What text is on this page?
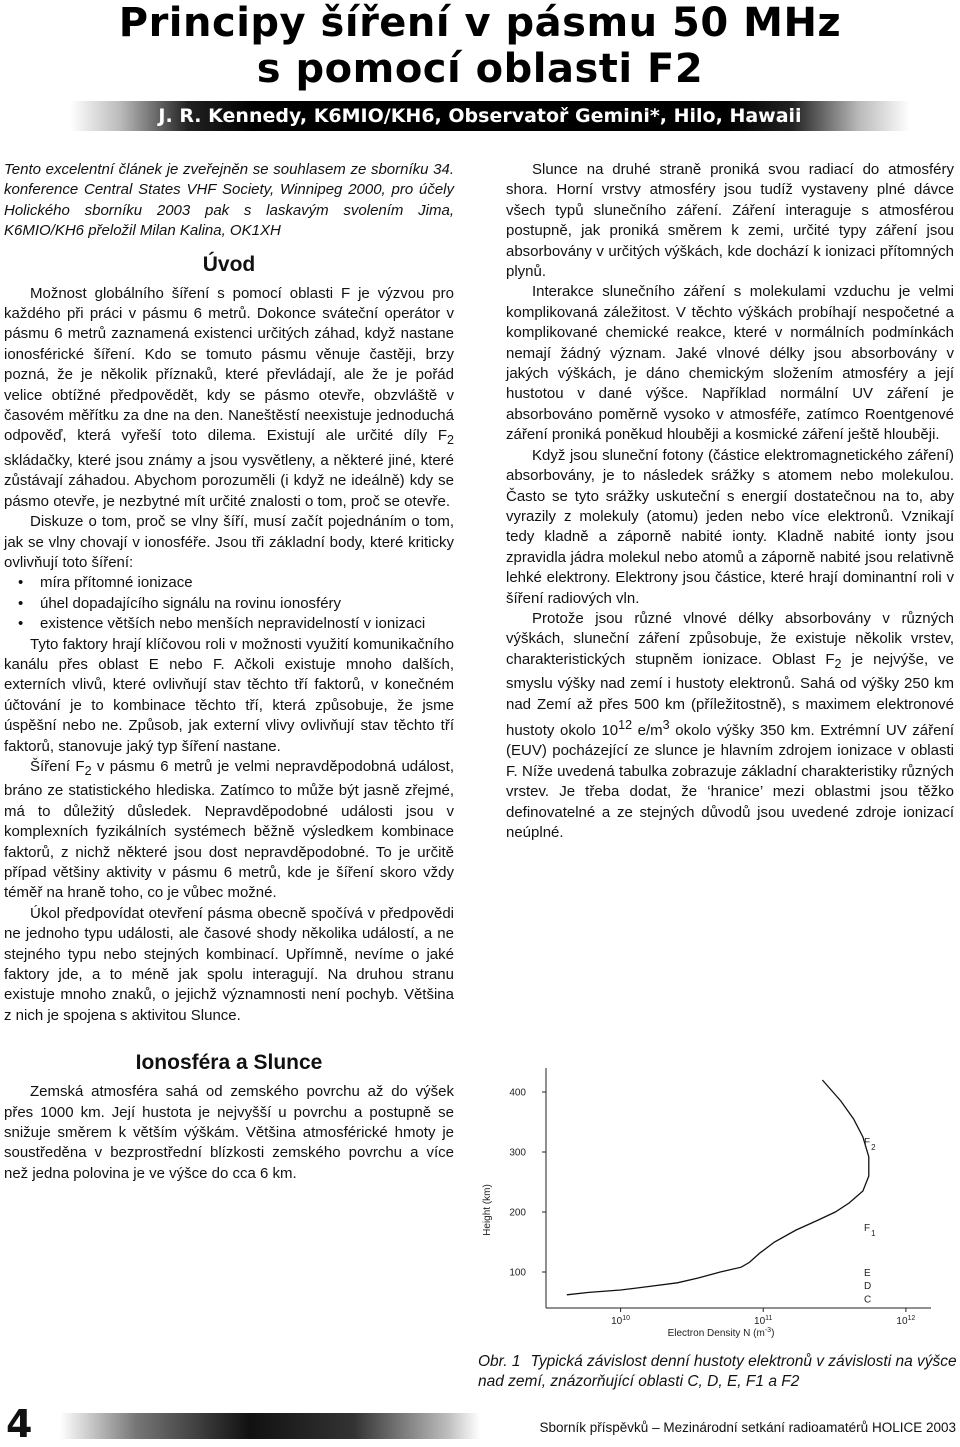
Principy šíření v pásmu 50 MHz
s pomocí oblasti F2
J. R. Kennedy, K6MIO/KH6, Observatoř Gemini*, Hilo, Hawaii

Tento excelentní článek je zveřejněn se souhlasem ze sborníku 34. konference Central States VHF Society, Winnipeg 2000, pro účely Holického sborníku 2003 pak s laskavým svolením Jima, K6MIO/KH6 přeložil Milan Kalina, OK1XH

Úvod

Možnost globálního šíření s pomocí oblasti F je výzvou pro každého při práci v pásmu 6 metrů. Dokonce sváteční operátor v pásmu 6 metrů zaznamená existenci určitých záhad, když nastane ionosférické šíření. Kdo se tomuto pásmu věnuje častěji, brzy pozná, že je několik příznaků, které převládají, ale že je pořád velice obtížné předpovědět, kdy se pásmo otevře, obzvláště v časovém měřítku za dne na den. Naneštěstí neexistuje jednoduchá odpověď, která vyřeší toto dilema. Existují ale určité díly $F_2$ skládačky, které jsou známy a jsou vysvětleny, a některé jiné, které zůstávají záhadou. Abychom porozuměli (i když ne ideálně) kdy se pásmo otevře, je nezbytné mít určité znalosti o tom, proč se otevře.

Diskuze o tom, proč se vlny šíří, musí začít pojednáním o tom, jak se vlny chovají v ionosféře. Jsou tři základní body, které kriticky ovlivňují toto šíření:

• míra přítomné ionizace
• úhel dopadajícího signálu na rovinu ionosféry
• existence větších nebo menších nepravidelností v ionizaci

Tyto faktory hrají klíčovou roli v možnosti využití komunikačního kanálu přes oblast E nebo F. Ačkoli existuje mnoho dalších, externích vlivů, které ovlivňují stav těchto tří faktorů, v konečném účtování je to kombinace těchto tří, která způsobuje, že jsme úspěšní nebo ne. Způsob, jak externí vlivy ovlivňují stav těchto tří faktorů, stanovuje jaký typ šíření nastane.

Šíření $F_2$ v pásmu 6 metrů je velmi nepravděpodobná událost, bráno ze statistického hlediska. Zatímco to může být jasně zřejmé, má to důležitý důsledek. Nepravděpodobné události jsou v komplexních fyzikálních systémech běžně výsledkem kombinace faktorů, z nichž některé jsou dost nepravděpodobné. To je určitě případ většiny aktivity v pásmu 6 metrů, kde je šíření skoro vždy téměř na hraně toho, co je vůbec možné.

Úkol předpovídat otevření pásma obecně spočívá v předpovědi ne jednoho typu události, ale časové shody několika událostí, a ne stejného typu nebo stejných kombinací. Upřímně, nevíme o jaké faktory jde, a to méně jak spolu interagují. Na druhou stranu existuje mnoho znaků, o jejichž významnosti není pochyb. Většina z nich je spojena s aktivitou Slunce.

Ionosféra a Slunce

Zemská atmosféra sahá od zemského povrchu až do výšek přes 1000 km. Její hustota je nejvyšší u povrchu a postupně se snižuje směrem k větším výškám. Většina atmosférické hmoty je soustředěna v bezprostřední blízkosti zemského povrchu a více než jedna polovina je ve výšce do cca 6 km.

Slunce na druhé straně proniká svou radiací do atmosféry shora. Horní vrstvy atmosféry jsou tudíž vystaveny plné dávce všech typů slunečního záření. Záření interaguje s atmosférou postupně, jak proniká směrem k zemi, určité typy záření jsou absorbovány v určitých výškách, kde dochází k ionizaci přítomných plynů.

Interakce slunečního záření s molekulami vzduchu je velmi komplikovaná záležitost. V těchto výškách probíhají nespočetné a komplikované chemické reakce, které v normálních podmínkách nemají žádný význam. Jaké vlnové délky jsou absorbovány v jakých výškách, je dáno chemickým složením atmosféry a její hustotou v dané výšce. Například normální UV záření je absorbováno poměrně vysoko v atmosféře, zatímco Roentgenové záření proniká poněkud hlouběji a kosmické záření ještě hlouběji.

Když jsou sluneční fotony (částice elektromagnetického záření) absorbovány, je to následek srážky s atomem nebo molekulou. Často se tyto srážky uskuteční s energií dostatečnou na to, aby vyrazily z molekuly (atomu) jeden nebo více elektronů. Vznikají tedy kladně a záporně nabité ionty. Kladně nabité ionty jsou zpravidla jádra molekul nebo atomů a záporně nabité jsou relativně lehké elektrony. Elektrony jsou částice, které hrají dominantní roli v šíření radiových vln.

Protože jsou různé vlnové délky absorbovány v různých výškách, sluneční záření způsobuje, že existuje několik vrstev, charakteristických stupněm ionizace. Oblast $F_2$ je nejvýše, ve smyslu výšky nad zemí i hustoty elektronů. Sahá od výšky 250 km nad Zemí až přes 500 km (příležitostně), s maximem elektronové hustoty okolo $10^{12}$ $e/m^3$ okolo výšky 350 km. Extrémní UV záření (EUV) pocházející ze slunce je hlavním zdrojem ionizace v oblasti F. Níže uvedená tabulka zobrazuje základní charakteristiky různých vrstev. Je třeba dodat, že ‘hranice’ mezi oblastmi jsou těžko definovatelné a ze stejných důvodů jsou uvedené zdroje ionizací neúplné.

100
200
300
400
$10^{10}$	$10^{11}$	$10^{12}$
$F_2$
$F_1$
E
D
C
Height (km)
Electron Density N $(m^{-3})$
Obr. 1 Typická závislost denní hustoty elektronů v závislosti na výšce nad zemí, znázorňující oblasti C, D, E, F1 a F2
4	Sborník příspěvků – Mezinárodní setkání radioamatérů HOLICE 2003
